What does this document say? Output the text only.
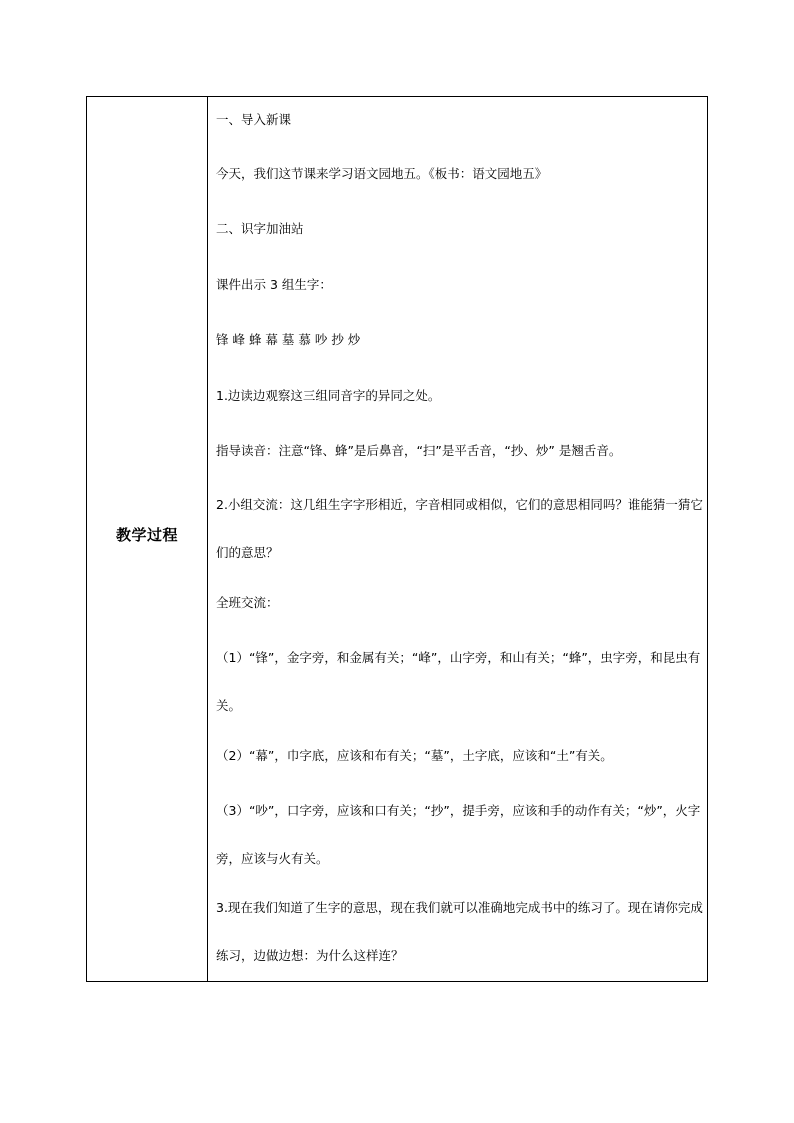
教学过程
一、导入新课
今天，我们这节课来学习语文园地五。《板书：语文园地五》
二、识字加油站
课件出示 3 组生字：
锋 峰 蜂 幕 墓 慕 吵 抄 炒
1.边读边观察这三组同音字的异同之处。
指导读音：注意“锋、蜂”是后鼻音，“扫”是平舌音，“抄、炒” 是翘舌音。
2.小组交流：这几组生字字形相近，字音相同或相似，它们的意思相同吗？谁能猜一猜它们的意思？
全班交流：
（1）“锋”，金字旁，和金属有关；“峰”，山字旁，和山有关；“蜂”，虫字旁，和昆虫有关。
（2）“幕”，巾字底，应该和布有关；“墓”，土字底，应该和“土”有关。
（3）“吵”，口字旁，应该和口有关；“抄”，提手旁，应该和手的动作有关；“炒”，火字旁，应该与火有关。
3.现在我们知道了生字的意思，现在我们就可以准确地完成书中的练习了。现在请你完成练习，边做边想：为什么这样连？
